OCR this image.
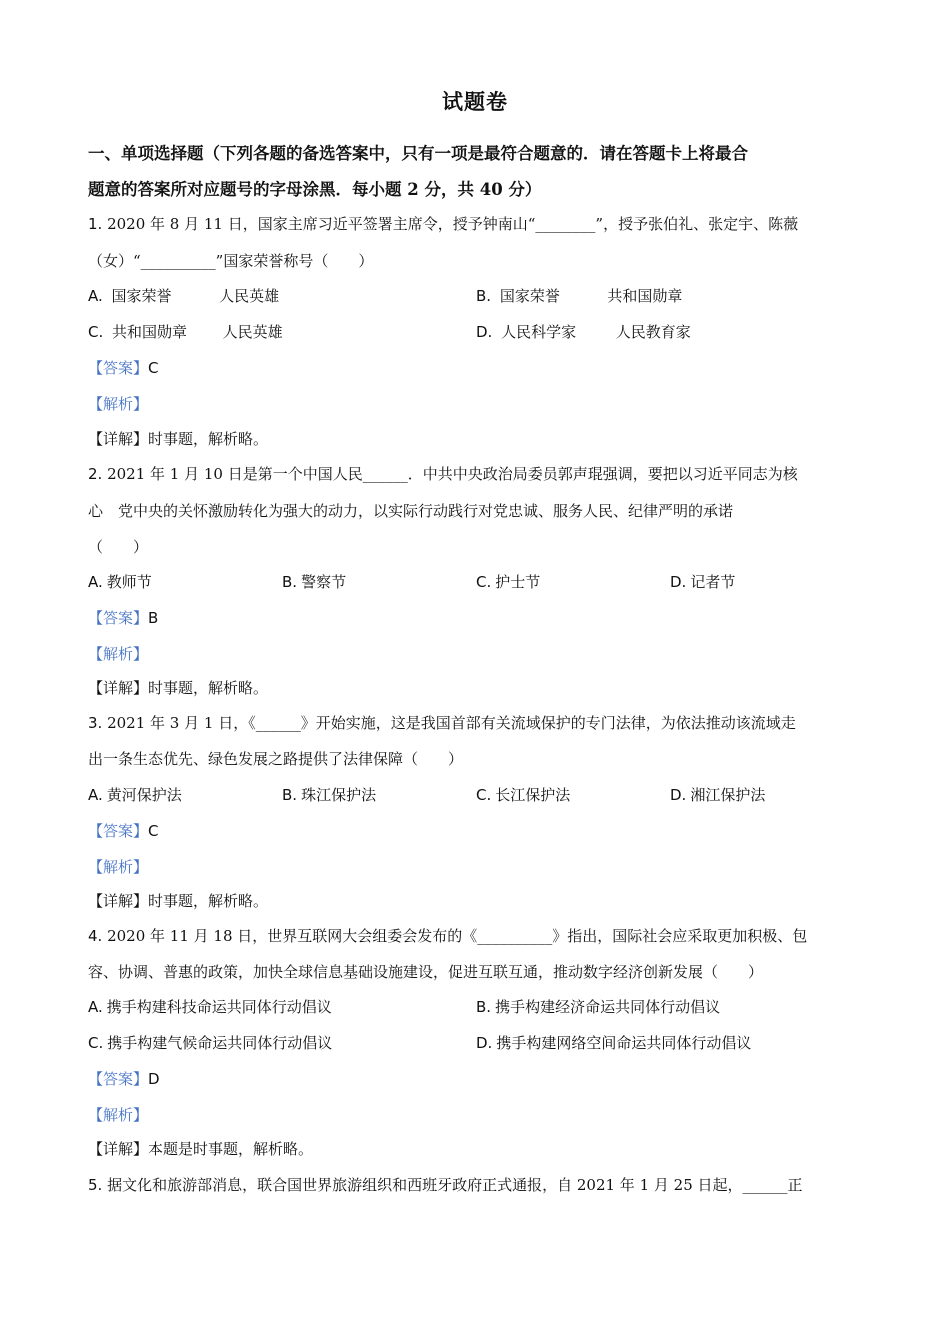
试题卷
一、单项选择题（下列各题的备选答案中，只有一项是最符合题意的．请在答题卡上将最合
题意的答案所对应题号的字母涂黑．每小题 2 分，共 40 分）
1. 2020 年 8 月 11 日，国家主席习近平签署主席令，授予钟南山“________”，授予张伯礼、张定宇、陈薇
（女）“__________”国家荣誉称号（　　）
A. 国家荣誉	人民英雄	B. 国家荣誉	共和国勋章
C. 共和国勋章 人民英雄	D. 人民科学家	人民教育家
【答案】C
【解析】
【详解】时事题，解析略。
2. 2021 年 1 月 10 日是第一个中国人民______．中共中央政治局委员郭声琨强调，要把以习近平同志为核
心　党中央的关怀激励转化为强大的动力，以实际行动践行对党忠诚、服务人民、纪律严明的承诺
（　　）
A. 教师节	B. 警察节	C. 护士节	D. 记者节
【答案】B
【解析】
【详解】时事题，解析略。
3. 2021 年 3 月 1 日，《______》开始实施，这是我国首部有关流域保护的专门法律，为依法推动该流域走
出一条生态优先、绿色发展之路提供了法律保障（　　）
A. 黄河保护法	B. 珠江保护法	C. 长江保护法	D. 湘江保护法
【答案】C
【解析】
【详解】时事题，解析略。
4. 2020 年 11 月 18 日，世界互联网大会组委会发布的《__________》指出，国际社会应采取更加积极、包
容、协调、普惠的政策，加快全球信息基础设施建设，促进互联互通，推动数字经济创新发展（　　）
A. 携手构建科技命运共同体行动倡议	B. 携手构建经济命运共同体行动倡议
C. 携手构建气候命运共同体行动倡议	D. 携手构建网络空间命运共同体行动倡议
【答案】D
【解析】
【详解】本题是时事题，解析略。
5. 据文化和旅游部消息，联合国世界旅游组织和西班牙政府正式通报，自 2021 年 1 月 25 日起，______正
